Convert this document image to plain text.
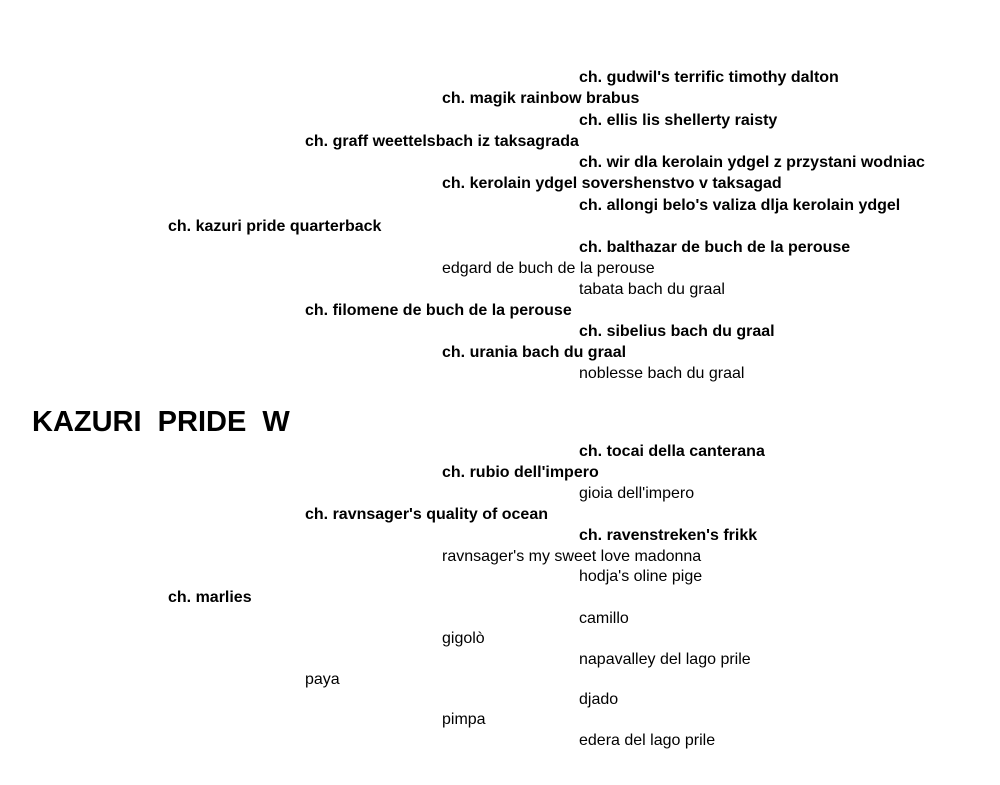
ch. gudwil's terrific timothy dalton
ch. magik rainbow brabus
ch. ellis lis shellerty raisty
ch. graff weettelsbach iz taksagrada
ch. wir dla kerolain ydgel z przystani wodniac
ch. kerolain ydgel sovershenstvo v taksagad
ch. allongi belo's valiza dlja kerolain ydgel
ch. kazuri pride quarterback
ch. balthazar de buch de la perouse
edgard de buch de la perouse
tabata bach du graal
ch. filomene de buch de la perouse
ch. sibelius bach du graal
ch. urania bach du graal
noblesse bach du graal
KAZURI  PRIDE  W
ch. tocai della canterana
ch. rubio dell'impero
gioia dell'impero
ch. ravnsager's quality of ocean
ch. ravenstreken's frikk
ravnsager's my sweet love madonna
hodja's oline pige
ch. marlies
camillo
gigolò
napavalley del lago prile
paya
djado
pimpa
edera del lago prile
